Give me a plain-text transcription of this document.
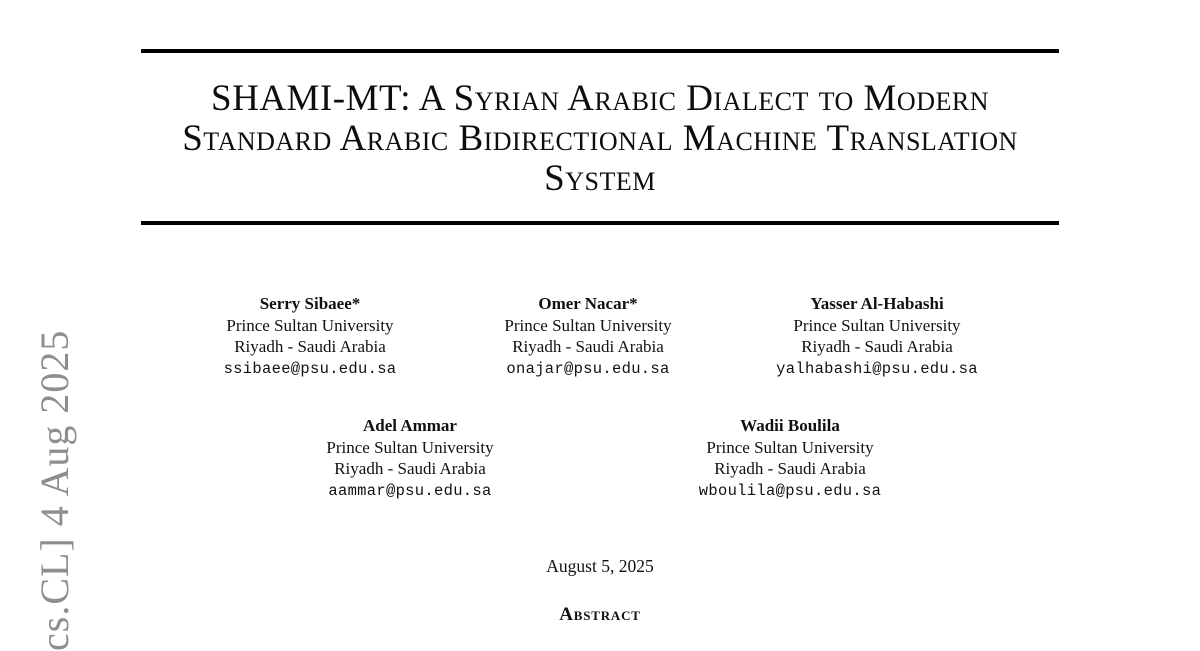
cs.CL] 4 Aug 2025
SHAMI-MT: A Syrian Arabic Dialect to Modern
Standard Arabic Bidirectional Machine Translation
System
Serry Sibaee*
Prince Sultan University
Riyadh - Saudi Arabia
ssibaee@psu.edu.sa
Omer Nacar*
Prince Sultan University
Riyadh - Saudi Arabia
onajar@psu.edu.sa
Yasser Al-Habashi
Prince Sultan University
Riyadh - Saudi Arabia
yalhabashi@psu.edu.sa
Adel Ammar
Prince Sultan University
Riyadh - Saudi Arabia
aammar@psu.edu.sa
Wadii Boulila
Prince Sultan University
Riyadh - Saudi Arabia
wboulila@psu.edu.sa
August 5, 2025
Abstract
